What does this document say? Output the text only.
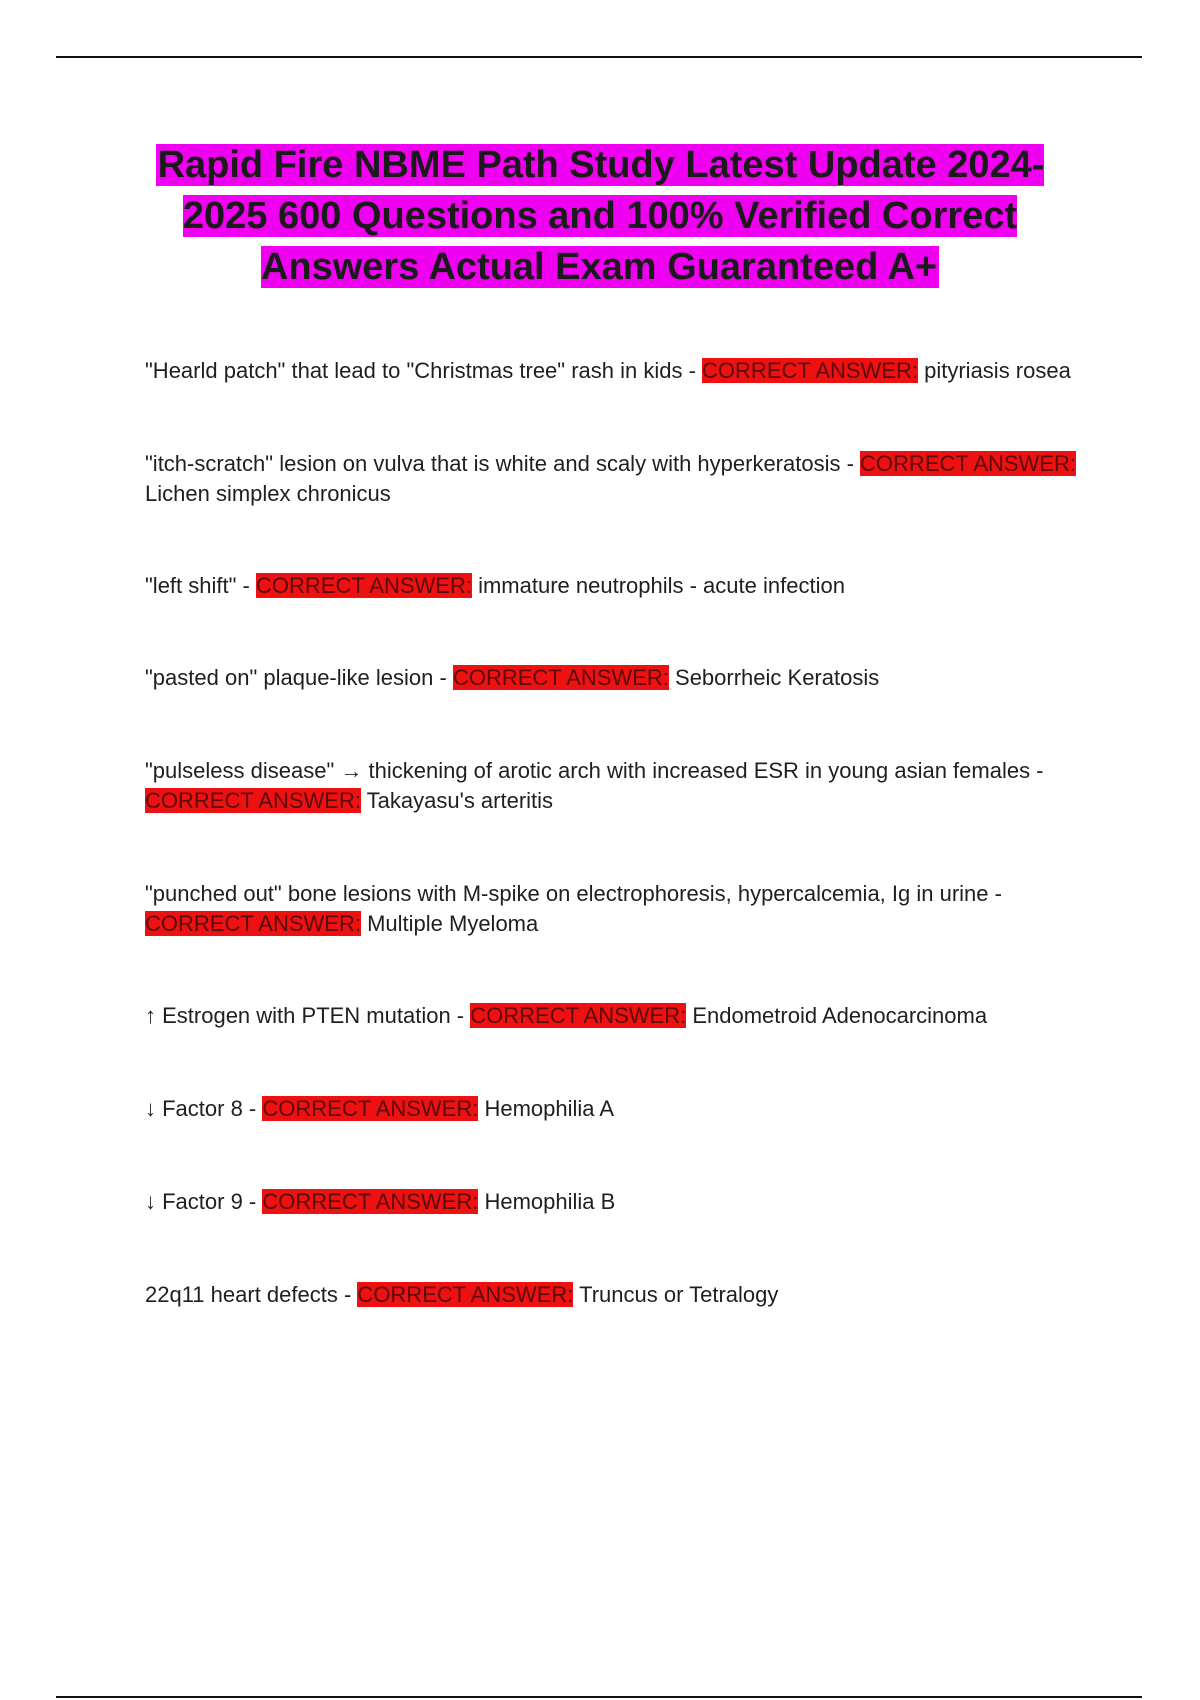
Rapid Fire NBME Path Study Latest Update 2024-2025 600 Questions and 100% Verified Correct Answers Actual Exam Guaranteed A+
"Hearld patch" that lead to "Christmas tree" rash in kids - CORRECT ANSWER: pityriasis rosea
"itch-scratch" lesion on vulva that is white and scaly with hyperkeratosis - CORRECT ANSWER: Lichen simplex chronicus
"left shift" - CORRECT ANSWER: immature neutrophils - acute infection
"pasted on" plaque-like lesion - CORRECT ANSWER: Seborrheic Keratosis
"pulseless disease" → thickening of arotic arch with increased ESR in young asian females - CORRECT ANSWER: Takayasu's arteritis
"punched out" bone lesions with M-spike on electrophoresis, hypercalcemia, Ig in urine - CORRECT ANSWER: Multiple Myeloma
↑ Estrogen with PTEN mutation - CORRECT ANSWER: Endometroid Adenocarcinoma
↓ Factor 8 - CORRECT ANSWER: Hemophilia A
↓ Factor 9 - CORRECT ANSWER: Hemophilia B
22q11 heart defects - CORRECT ANSWER: Truncus or Tetralogy
